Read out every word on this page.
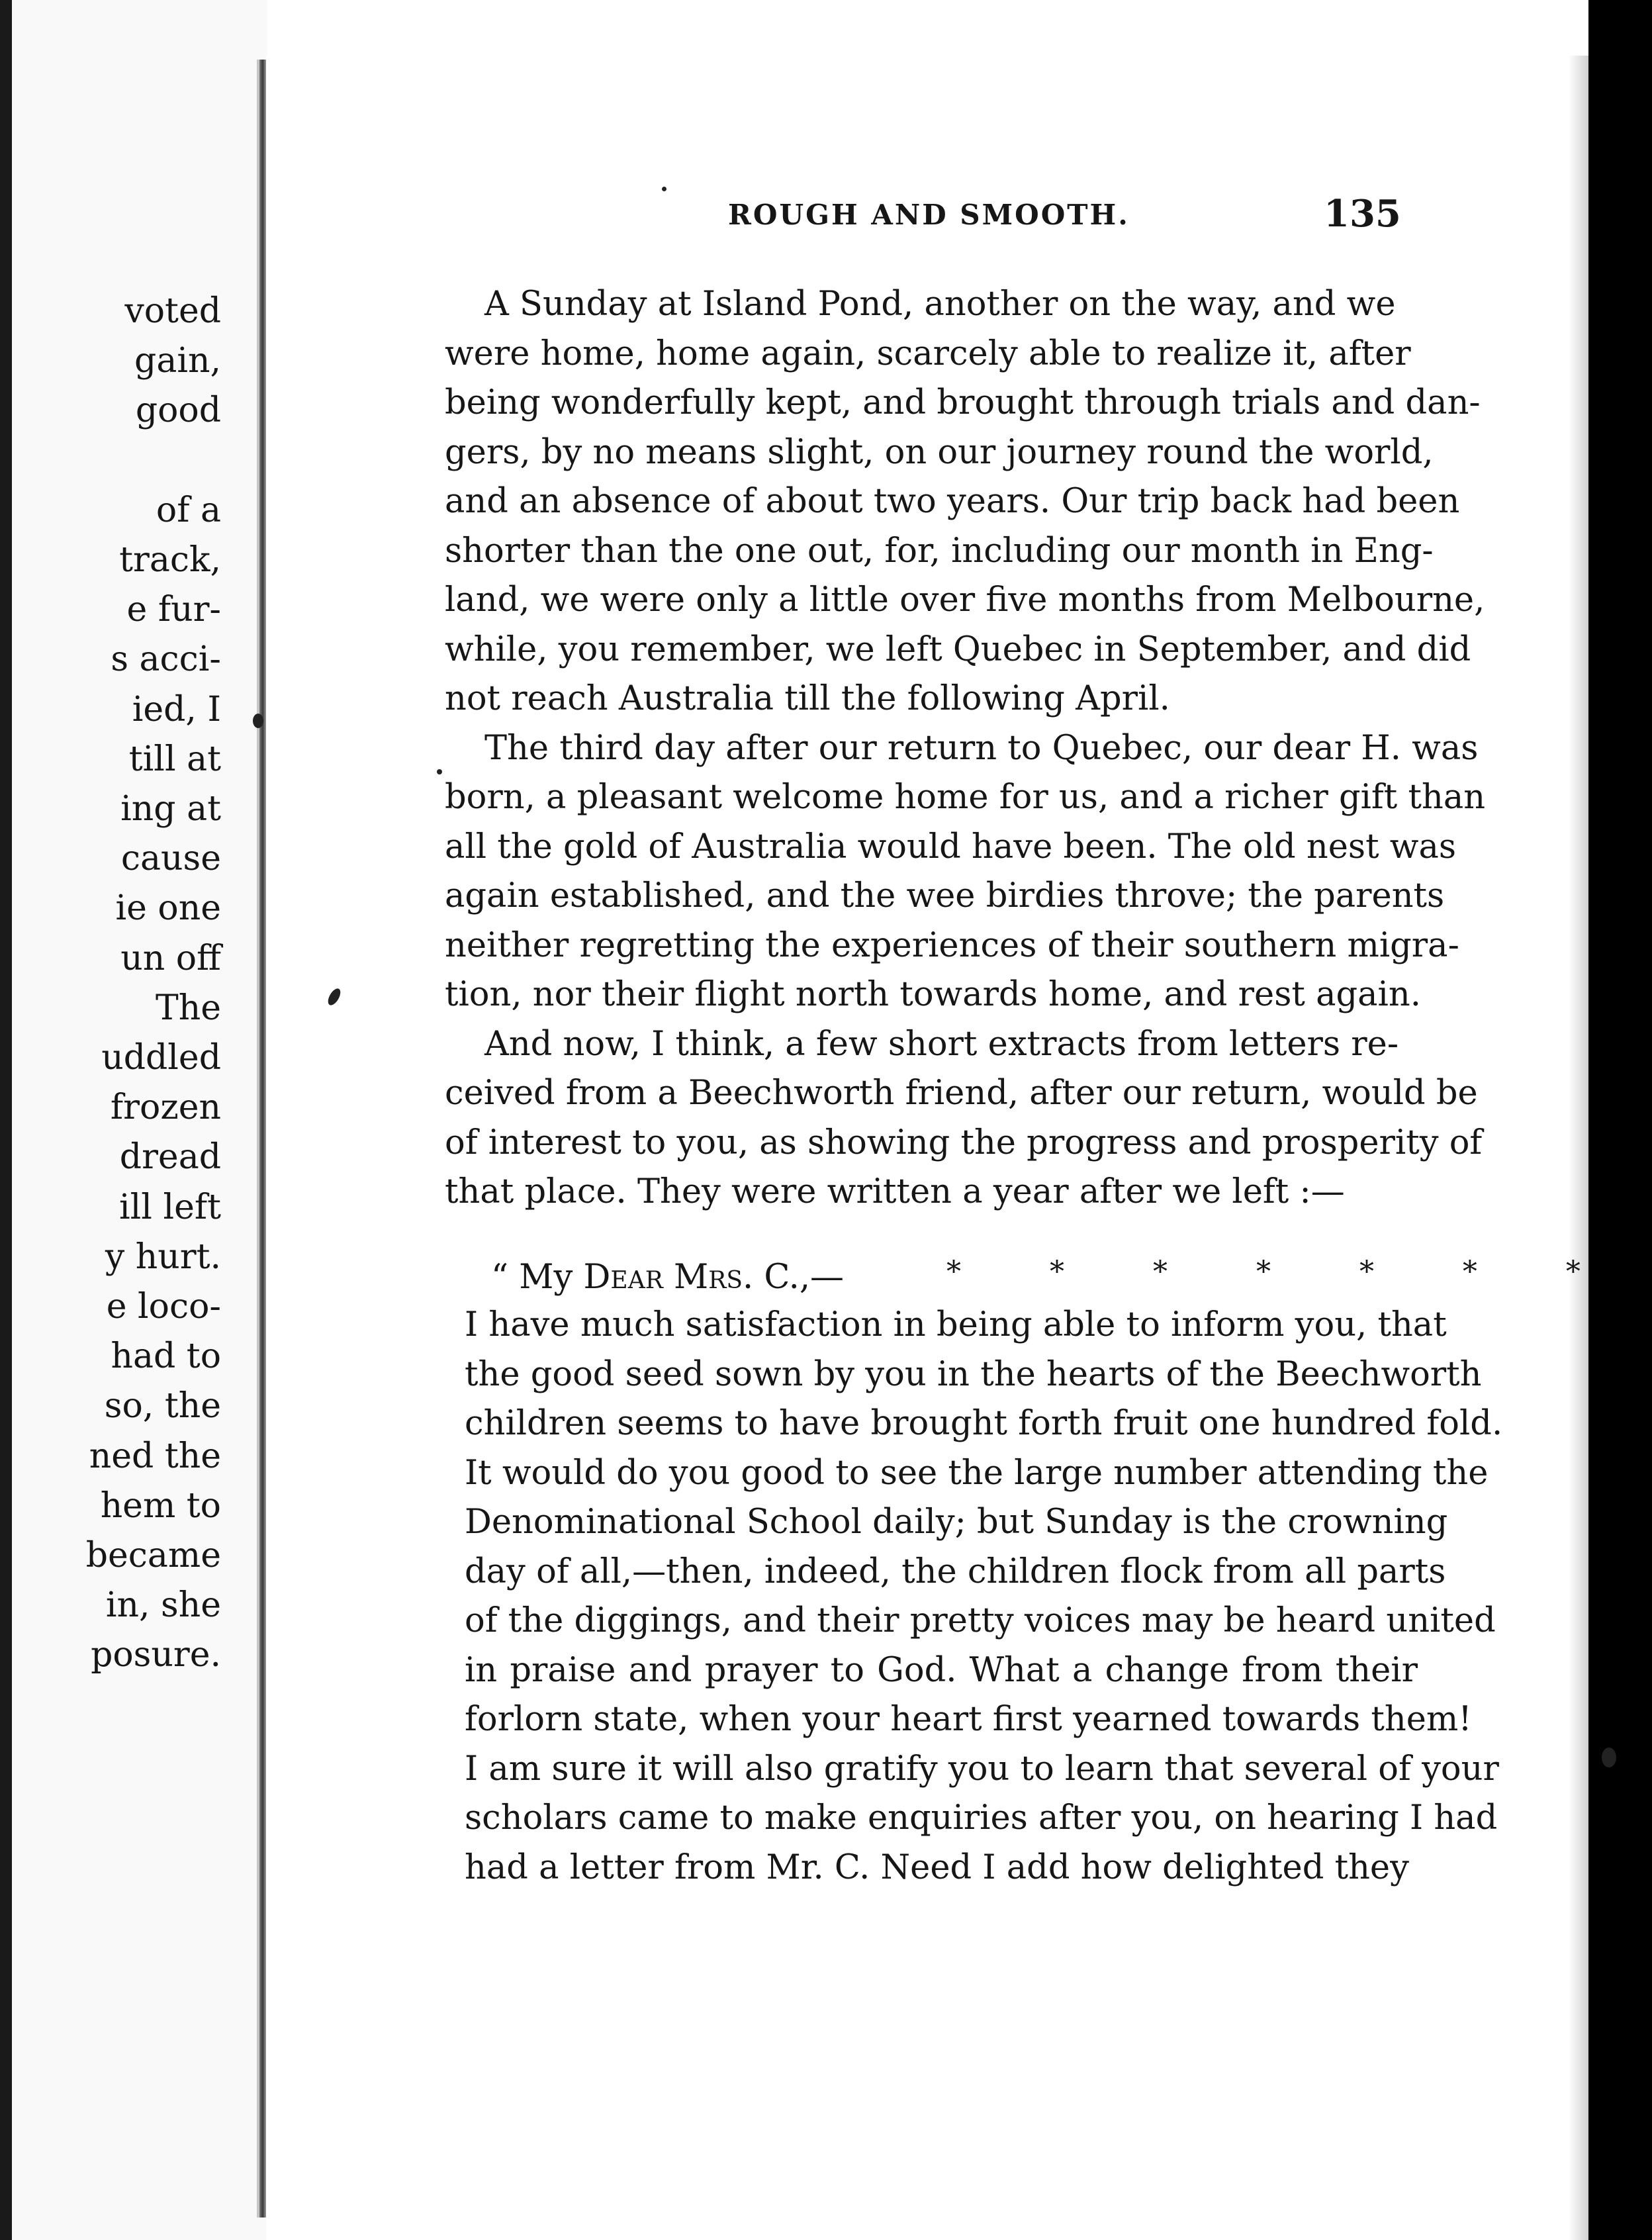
voted
gain,
good
of a
track,
e fur-
s acci-
ied, I
till at
ing at
cause
ie one
un off
The
uddled
frozen
dread
ill left
y hurt.
e loco-
had to
so, the
ned the
hem to
became
in, she
posure.
ROUGH AND SMOOTH.	135
A Sunday at Island Pond, another on the way, and we
were home, home again, scarcely able to realize it, after
being wonderfully kept, and brought through trials and dan-
gers, by no means slight, on our journey round the world,
and an absence of about two years. Our trip back had been
shorter than the one out, for, including our month in Eng-
land, we were only a little over five months from Melbourne,
while, you remember, we left Quebec in September, and did
not reach Australia till the following April.
The third day after our return to Quebec, our dear H. was
born, a pleasant welcome home for us, and a richer gift than
all the gold of Australia would have been. The old nest was
again established, and the wee birdies throve; the parents
neither regretting the experiences of their southern migra-
tion, nor their flight north towards home, and rest again.
And now, I think, a few short extracts from letters re-
ceived from a Beechworth friend, after our return, would be
of interest to you, as showing the progress and prosperity of
that place. They were written a year after we left :—
I have much satisfaction in being able to inform you, that
the good seed sown by you in the hearts of the Beechworth
children seems to have brought forth fruit one hundred fold.
It would do you good to see the large number attending the
Denominational School daily; but Sunday is the crowning
day of all,—then, indeed, the children flock from all parts
of the diggings, and their pretty voices may be heard united
in praise and prayer to God. What a change from their
forlorn state, when your heart first yearned towards them!
I am sure it will also gratify you to learn that several of your
scholars came to make enquiries after you, on hearing I had
had a letter from Mr. C. Need I add how delighted they
“ My Dear Mrs. C.,—	* * * * * * *
